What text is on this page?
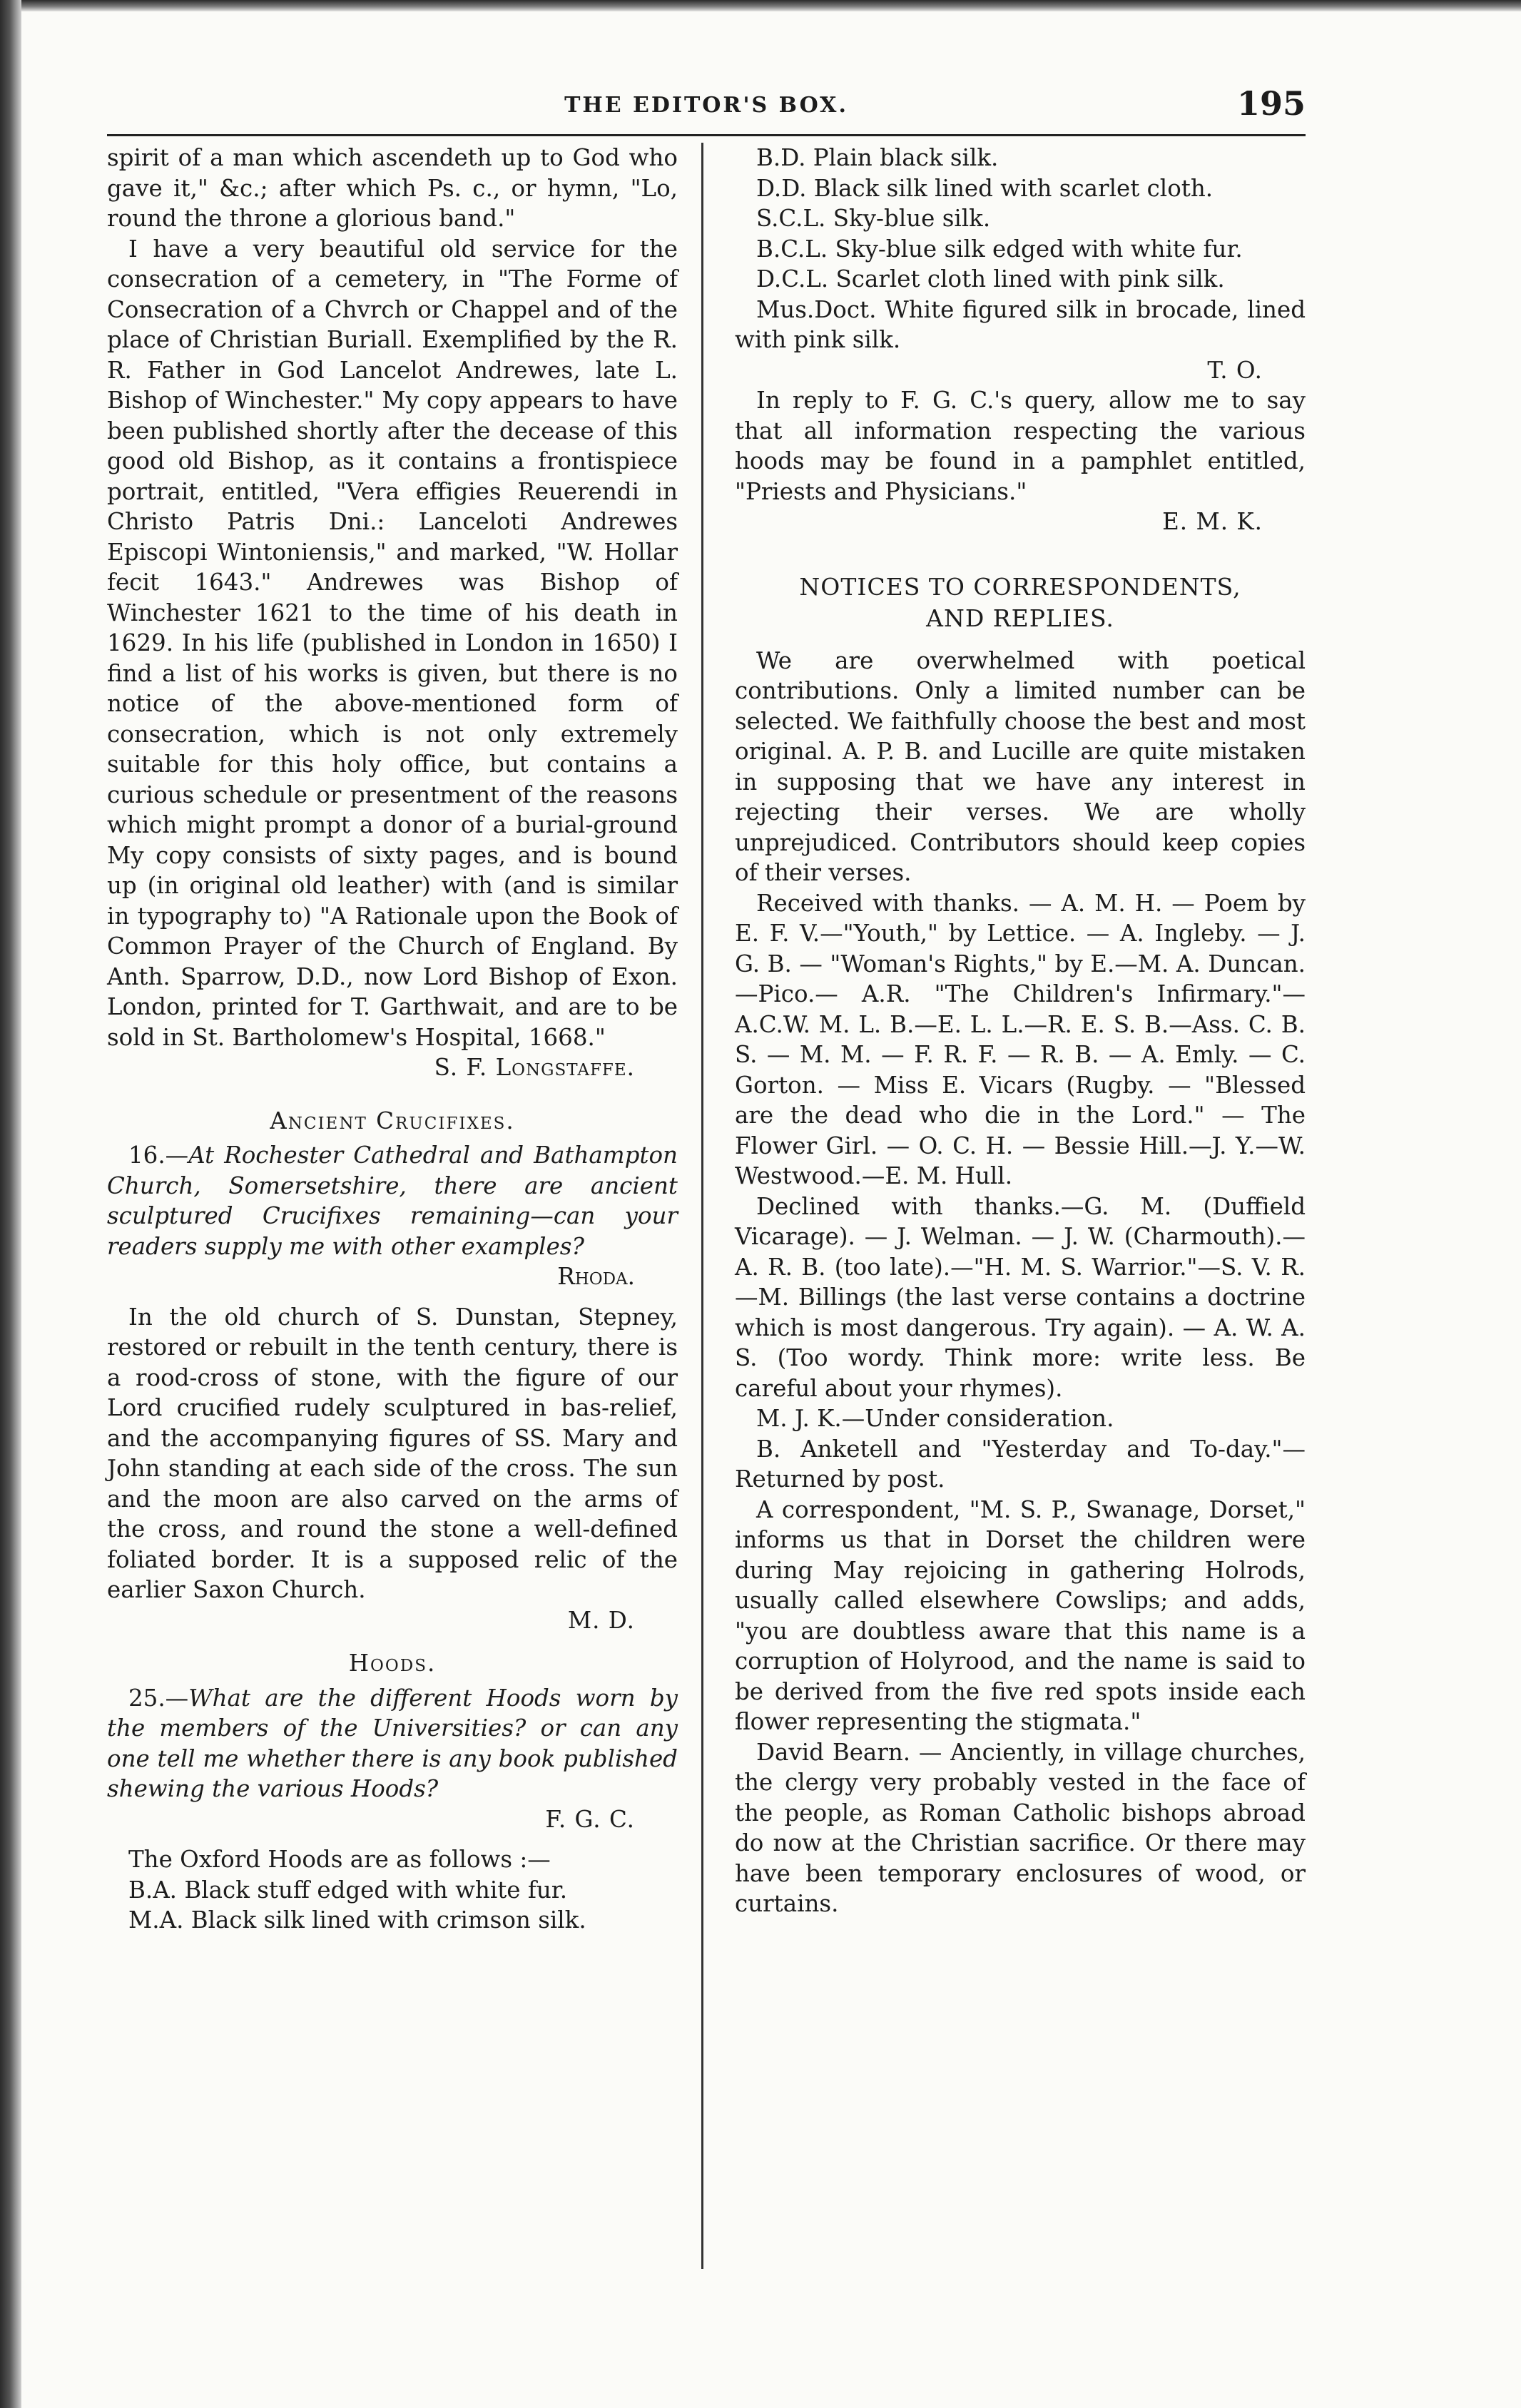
THE EDITOR'S BOX.	195

spirit of a man which ascendeth up to God who gave it," &c.; after which Ps. c., or hymn, "Lo, round the throne a glorious band."

I have a very beautiful old service for the consecration of a cemetery, in "The Forme of Consecration of a Chvrch or Chappel and of the place of Christian Buriall. Exemplified by the R. R. Father in God Lancelot Andrewes, late L. Bishop of Winchester." My copy appears to have been published shortly after the decease of this good old Bishop, as it contains a frontispiece portrait, entitled, "Vera effigies Reuerendi in Christo Patris Dni.: Lanceloti Andrewes Episcopi Wintoniensis," and marked, "W. Hollar fecit 1643." Andrewes was Bishop of Winchester 1621 to the time of his death in 1629. In his life (published in London in 1650) I find a list of his works is given, but there is no notice of the above-mentioned form of consecration, which is not only extremely suitable for this holy office, but contains a curious schedule or presentment of the reasons which might prompt a donor of a burial-ground My copy consists of sixty pages, and is bound up (in original old leather) with (and is similar in typography to) "A Rationale upon the Book of Common Prayer of the Church of England. By Anth. Sparrow, D.D., now Lord Bishop of Exon. London, printed for T. Garthwait, and are to be sold in St. Bartholomew's Hospital, 1668."

S. F. Longstaffe.

Ancient Crucifixes.

16.—At Rochester Cathedral and Bathampton Church, Somersetshire, there are ancient sculptured Crucifixes remaining—can your readers supply me with other examples?

Rhoda.

In the old church of S. Dunstan, Stepney, restored or rebuilt in the tenth century, there is a rood-cross of stone, with the figure of our Lord crucified rudely sculptured in bas-relief, and the accompanying figures of SS. Mary and John standing at each side of the cross. The sun and the moon are also carved on the arms of the cross, and round the stone a well-defined foliated border. It is a supposed relic of the earlier Saxon Church.

M. D.

Hoods.

25.—What are the different Hoods worn by the members of the Universities? or can any one tell me whether there is any book published shewing the various Hoods?

F. G. C.

The Oxford Hoods are as follows :—

B.A. Black stuff edged with white fur.

M.A. Black silk lined with crimson silk.

B.D. Plain black silk.

D.D. Black silk lined with scarlet cloth.

S.C.L. Sky-blue silk.

B.C.L. Sky-blue silk edged with white fur.

D.C.L. Scarlet cloth lined with pink silk.

Mus.Doct. White figured silk in brocade, lined with pink silk.

T. O.

In reply to F. G. C.'s query, allow me to say that all information respecting the various hoods may be found in a pamphlet entitled, "Priests and Physicians."

E. M. K.

NOTICES TO CORRESPONDENTS,
AND REPLIES.

We are overwhelmed with poetical contributions. Only a limited number can be selected. We faithfully choose the best and most original. A. P. B. and Lucille are quite mistaken in supposing that we have any interest in rejecting their verses. We are wholly unprejudiced. Contributors should keep copies of their verses.

Received with thanks. — A. M. H. — Poem by E. F. V.—"Youth," by Lettice. — A. Ingleby. — J. G. B. — "Woman's Rights," by E.—M. A. Duncan.—Pico.— A.R. "The Children's Infirmary."—A.C.W. M. L. B.—E. L. L.—R. E. S. B.—Ass. C. B. S. — M. M. — F. R. F. — R. B. — A. Emly. — C. Gorton. — Miss E. Vicars (Rugby. — "Blessed are the dead who die in the Lord." — The Flower Girl. — O. C. H. — Bessie Hill.—J. Y.—W. Westwood.—E. M. Hull.

Declined with thanks.—G. M. (Duffield Vicarage). — J. Welman. — J. W. (Charmouth).—A. R. B. (too late).—"H. M. S. Warrior."—S. V. R.—M. Billings (the last verse contains a doctrine which is most dangerous. Try again). — A. W. A. S. (Too wordy. Think more: write less. Be careful about your rhymes).

M. J. K.—Under consideration.

B. Anketell and "Yesterday and To-day."—Returned by post.

A correspondent, "M. S. P., Swanage, Dorset," informs us that in Dorset the children were during May rejoicing in gathering Holrods, usually called elsewhere Cowslips; and adds, "you are doubtless aware that this name is a corruption of Holyrood, and the name is said to be derived from the five red spots inside each flower representing the stigmata."

David Bearn. — Anciently, in village churches, the clergy very probably vested in the face of the people, as Roman Catholic bishops abroad do now at the Christian sacrifice. Or there may have been temporary enclosures of wood, or curtains.
